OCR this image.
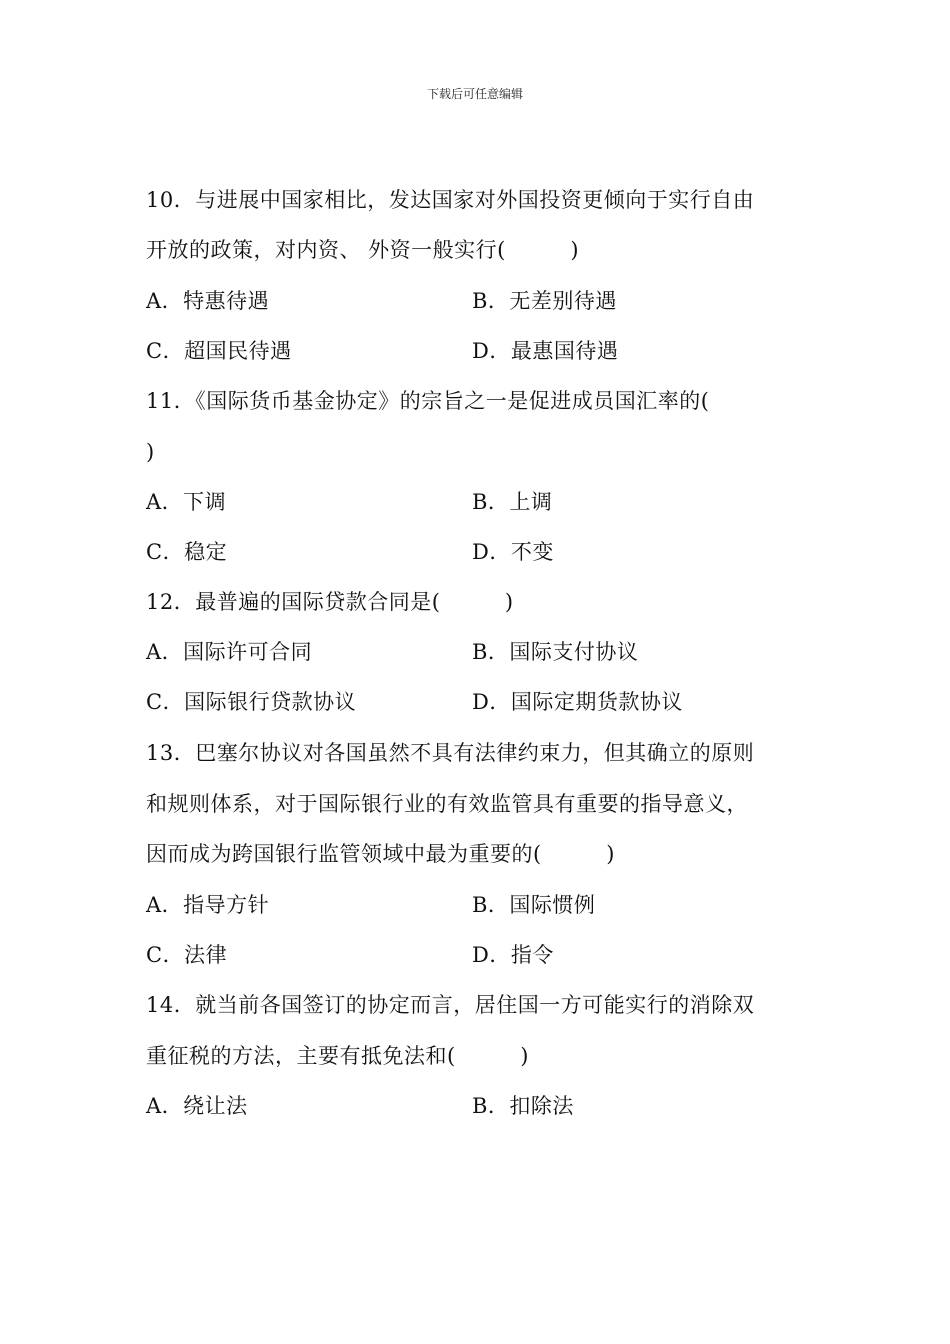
下载后可任意编辑
10．与进展中国家相比，发达国家对外国投资更倾向于实行自由
开放的政策，对内资、 外资一般实行(　　　)
A．特惠待遇	B．无差别待遇
C．超国民待遇	D．最惠国待遇
11．《国际货币基金协定》的宗旨之一是促进成员国汇率的(
)
A．下调	B．上调
C．稳定	D．不变
12．最普遍的国际贷款合同是(　　　)
A．国际许可合同	B．国际支付协议
C．国际银行贷款协议	D．国际定期货款协议
13．巴塞尔协议对各国虽然不具有法律约束力，但其确立的原则
和规则体系，对于国际银行业的有效监管具有重要的指导意义，
因而成为跨国银行监管领域中最为重要的(　　　)
A．指导方针	B．国际惯例
C．法律	D．指令
14．就当前各国签订的协定而言，居住国一方可能实行的消除双
重征税的方法，主要有抵免法和(　　　)
A．绕让法	B．扣除法
